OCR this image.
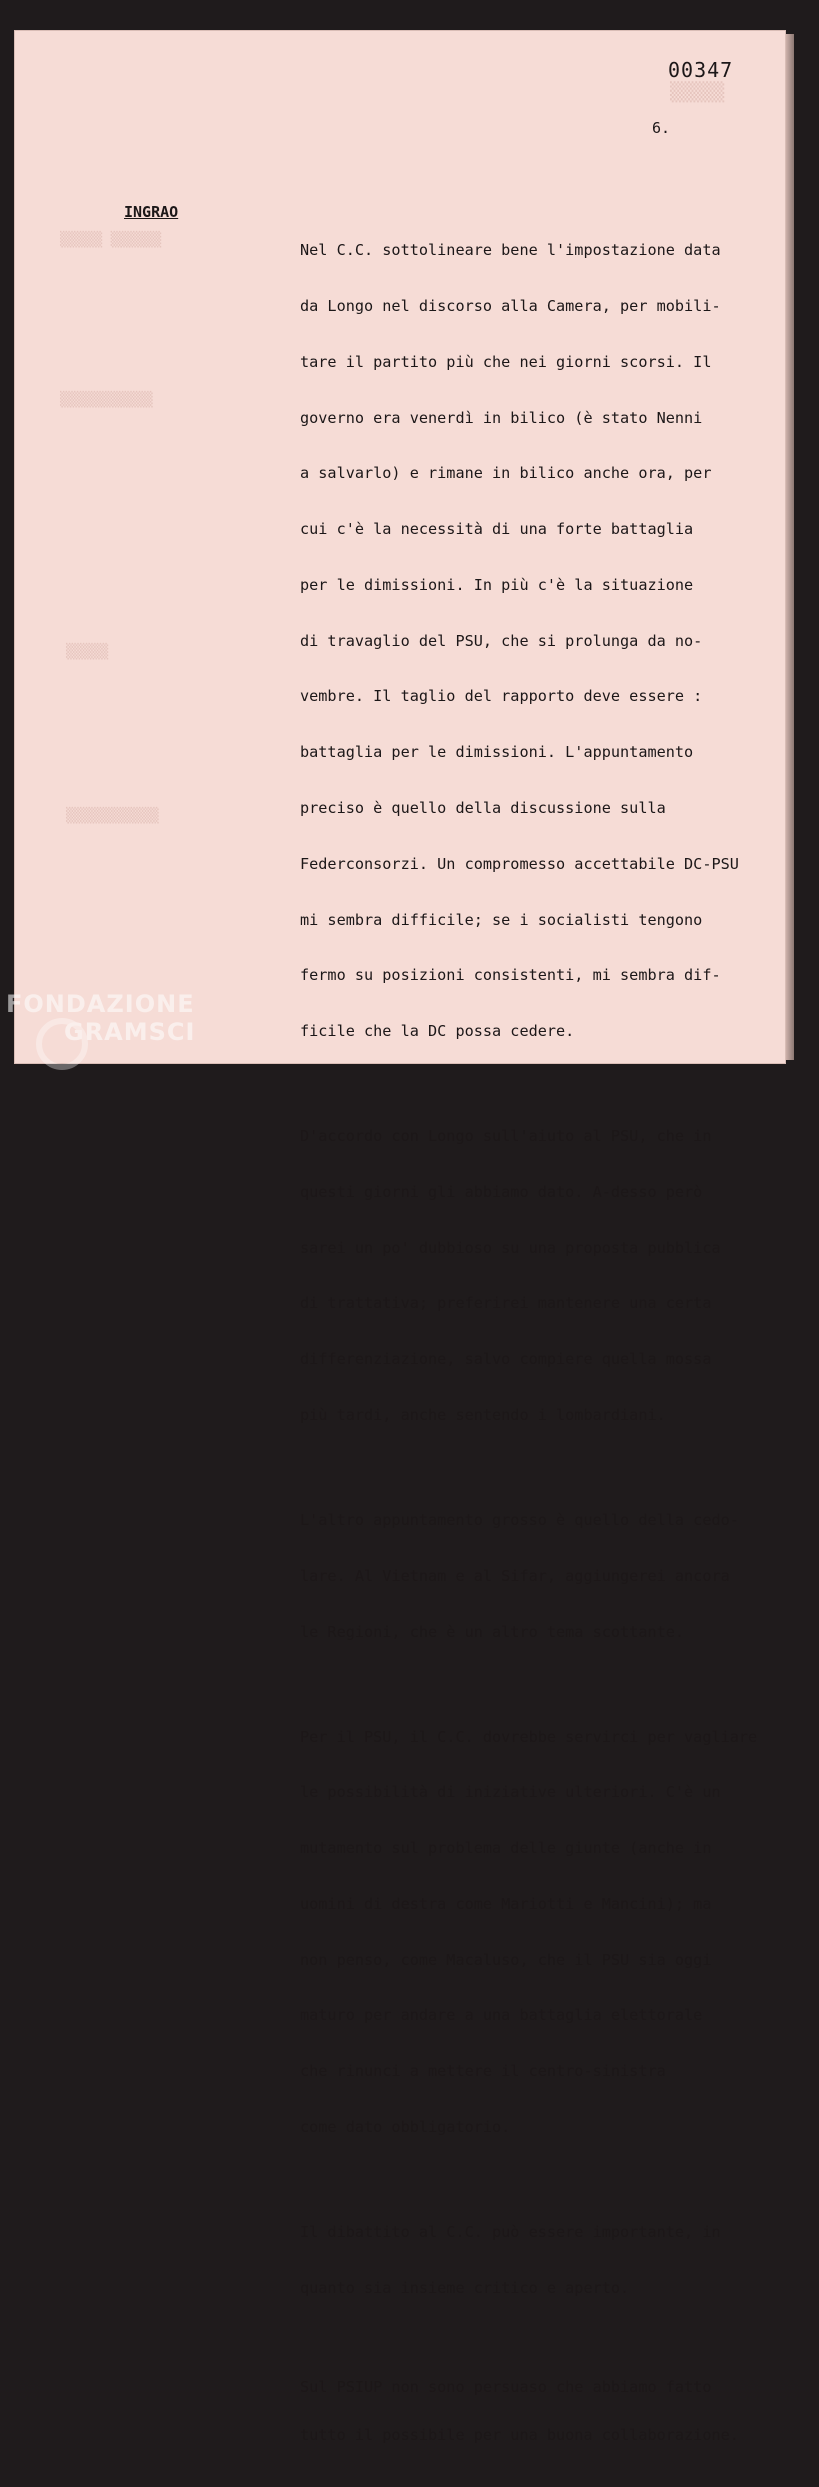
▒▒▒▒▒
▒▒▒▒▒ ▒▒▒▒▒▒
▒▒▒▒▒▒▒▒▒▒▒
▒▒▒▒▒
▒▒▒▒▒▒▒▒▒▒▒
00347
6.
INGRAO

Nel C.C. sottolineare bene l'impostazione data

da Longo nel discorso alla Camera, per mobili-

tare il partito più che nei giorni scorsi. Il

governo era venerdì in bilico (è stato Nenni

a salvarlo) e rimane in bilico anche ora, per

cui c'è la necessità di una forte battaglia

per le dimissioni. In più c'è la situazione

di travaglio del PSU, che si prolunga da no-

vembre. Il taglio del rapporto deve essere :

battaglia per le dimissioni. L'appuntamento

preciso è quello della discussione sulla

Federconsorzi. Un compromesso accettabile DC-PSU

mi sembra difficile; se i socialisti tengono

fermo su posizioni consistenti, mi sembra dif-

ficile che la DC possa cedere.

D'accordo con Longo sull'aiuto al PSU, che in

questi giorni gli abbiamo dato. A-desso però

sarei un po' dubbioso su una proposta pubblica

di trattativa; preferirei mantenere una certa

differenziazione, salvo compiere quella mossa

più tardi, anche sentendo i lombardiani.

L'altro appuntamento grosso è quello della cedo-

lare. Al Vietnam e al Sifar, aggiungerei ancora

le Regioni, che è un altro tema scottante.

Per il PSU, il C.C. dovrebbe servirci per vagliare

le possibilità di iniziative ulteriori. C'è un

mutamento sul problema delle giunte (anche in

uomini di destra come Mariotti e Mancini); ma

non penso, come Macaluso, che il PSU sia oggi

maturo per andare a una battaglia elettorale

che rinunci a mettere il centro-sinistra

come dato obbligatorio.

Il dibattito al C.C. può essere importante, in

quanto sia insieme critico e aperto.

Sul PSIUP non sono persuaso che abbiamo fatto

tutto il possibile per una buona collaborazione.

FONDAZIONE
GRAMSCI
